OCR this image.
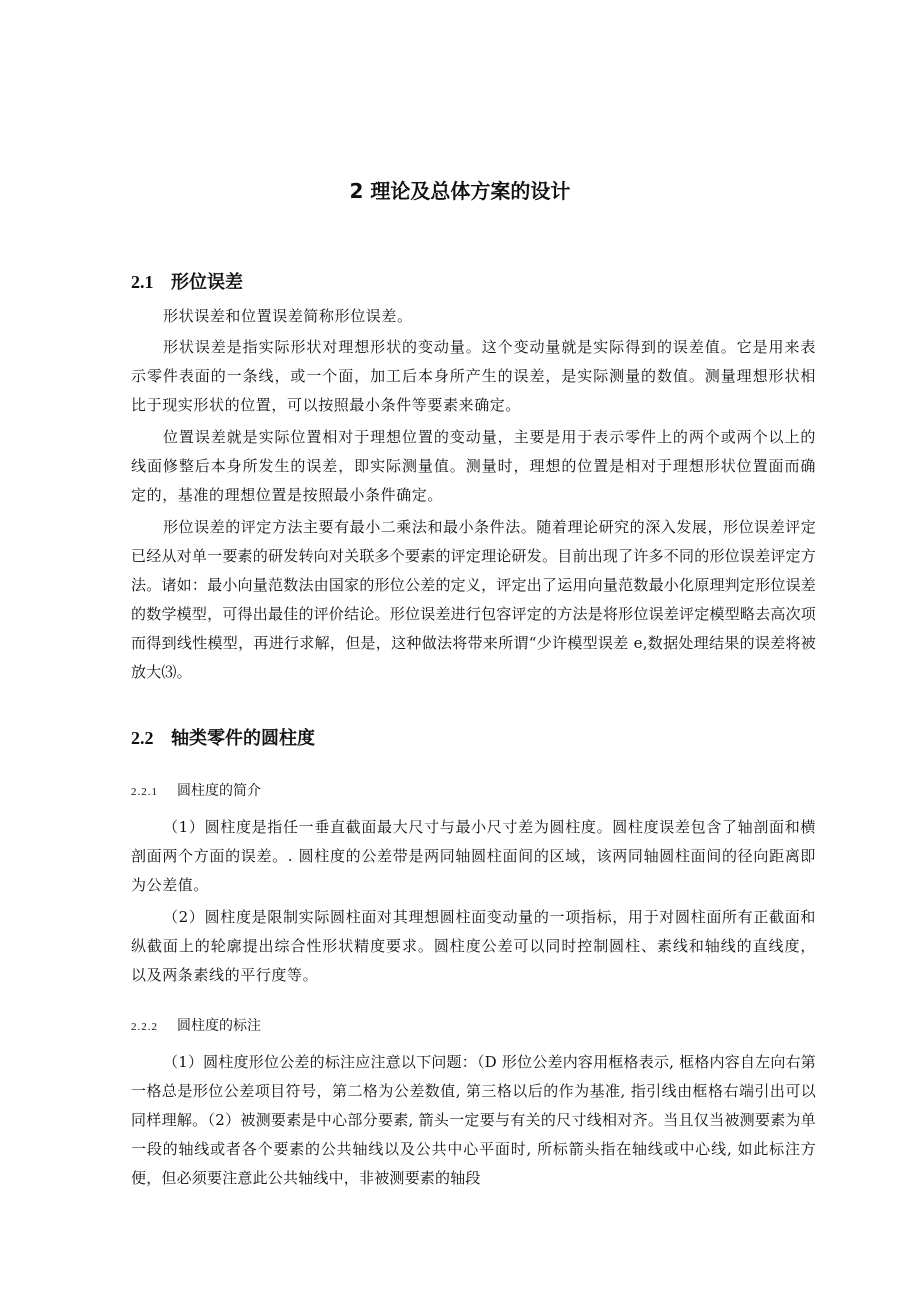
2 理论及总体方案的设计
2.1 形位误差

形状误差和位置误差简称形位误差。

形状误差是指实际形状对理想形状的变动量。这个变动量就是实际得到的误差值。它是用来表示零件表面的一条线，或一个面，加工后本身所产生的误差，是实际测量的数值。测量理想形状相比于现实形状的位置，可以按照最小条件等要素来确定。

位置误差就是实际位置相对于理想位置的变动量，主要是用于表示零件上的两个或两个以上的线面修整后本身所发生的误差，即实际测量值。测量时，理想的位置是相对于理想形状位置面而确定的，基准的理想位置是按照最小条件确定。

形位误差的评定方法主要有最小二乘法和最小条件法。随着理论研究的深入发展，形位误差评定已经从对单一要素的研发转向对关联多个要素的评定理论研发。目前出现了许多不同的形位误差评定方法。诸如：最小向量范数法由国家的形位公差的定义，评定出了运用向量范数最小化原理判定形位误差的数学模型，可得出最佳的评价结论。形位误差进行包容评定的方法是将形位误差评定模型略去高次项而得到线性模型，再进行求解，但是，这种做法将带来所谓“少许模型误差 e,数据处理结果的误差将被放大⑶。

2.2 轴类零件的圆柱度
2.2.1 圆柱度的简介

（1）圆柱度是指任一垂直截面最大尺寸与最小尺寸差为圆柱度。圆柱度误差包含了轴剖面和横剖面两个方面的误差。. 圆柱度的公差带是两同轴圆柱面间的区域，该两同轴圆柱面间的径向距离即为公差值。

（2）圆柱度是限制实际圆柱面对其理想圆柱面变动量的一项指标，用于对圆柱面所有正截面和纵截面上的轮廓提出综合性形状精度要求。圆柱度公差可以同时控制圆柱、素线和轴线的直线度，以及两条素线的平行度等。

2.2.2 圆柱度的标注

（1）圆柱度形位公差的标注应注意以下问题：（D 形位公差内容用框格表示, 框格内容自左向右第一格总是形位公差项目符号，第二格为公差数值, 第三格以后的作为基准, 指引线由框格右端引出可以同样理解。（2）被测要素是中心部分要素, 箭头一定要与有关的尺寸线相对齐。当且仅当被测要素为单一段的轴线或者各个要素的公共轴线以及公共中心平面时, 所标箭头指在轴线或中心线, 如此标注方便，但必须要注意此公共轴线中，非被测要素的轴段
